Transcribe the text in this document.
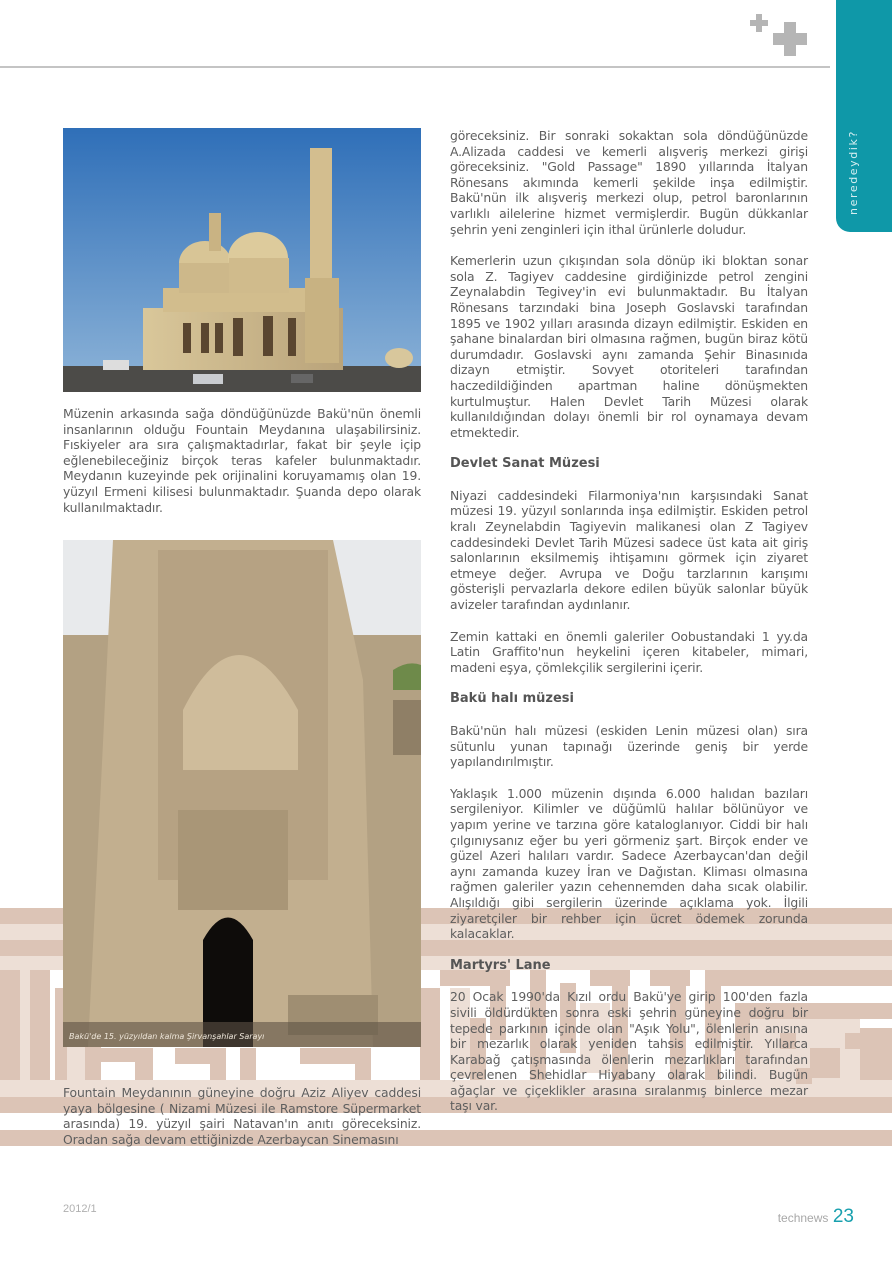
neredeydik?

Müzenin arkasında sağa döndüğünüzde Bakü'nün önemli insanlarının olduğu Fountain Meydanına ulaşabilirsiniz. Fıskiyeler ara sıra çalışmaktadırlar, fakat bir şeyle içip eğlenebileceğiniz birçok teras kafeler bulunmaktadır. Meydanın kuzeyinde pek orijinalini koruyamamış olan 19. yüzyıl Ermeni kilisesi bulunmaktadır. Şuanda depo olarak kullanılmaktadır.

Bakü'de 15. yüzyıldan kalma Şirvanşahlar Sarayı

Fountain Meydanının güneyine doğru Aziz Aliyev caddesi yaya bölgesine ( Nizami Müzesi ile Ramstore Süpermarket arasında) 19. yüzyıl şairi Natavan'ın anıtı göreceksiniz. Oradan sağa devam ettiğinizde Azerbaycan Sinemasını

göreceksiniz. Bir sonraki sokaktan sola döndüğünüzde A.Alizada caddesi ve kemerli alışveriş merkezi girişi göreceksiniz. "Gold Passage" 1890 yıllarında İtalyan Rönesans akımında kemerli şekilde inşa edilmiştir. Bakü'nün ilk alışveriş merkezi olup, petrol baronlarının varlıklı ailelerine hizmet vermişlerdir. Bugün dükkanlar şehrin yeni zenginleri için ithal ürünlerle doludur.

Kemerlerin uzun çıkışından sola dönüp iki bloktan sonar sola Z. Tagiyev caddesine girdiğinizde petrol zengini Zeynalabdin Tegivey'in evi bulunmaktadır. Bu İtalyan Rönesans tarzındaki bina Joseph Goslavski tarafından 1895 ve 1902 yılları arasında dizayn edilmiştir. Eskiden en şahane binalardan biri olmasına rağmen, bugün biraz kötü durumdadır. Goslavski aynı zamanda Şehir Binasınıda dizayn etmiştir. Sovyet otoriteleri tarafından haczedildiğinden apartman haline dönüşmekten kurtulmuştur. Halen Devlet Tarih Müzesi olarak kullanıldığından dolayı önemli bir rol oynamaya devam etmektedir.

Devlet Sanat Müzesi

Niyazi caddesindeki Filarmoniya'nın karşısındaki Sanat müzesi 19. yüzyıl sonlarında inşa edilmiştir. Eskiden petrol kralı Zeynelabdin Tagiyevin malikanesi olan Z Tagiyev caddesindeki Devlet Tarih Müzesi sadece üst kata ait giriş salonlarının eksilmemiş ihtişamını görmek için ziyaret etmeye değer. Avrupa ve Doğu tarzlarının karışımı gösterişli pervazlarla dekore edilen büyük salonlar büyük avizeler tarafından aydınlanır.

Zemin kattaki en önemli galeriler Oobustandaki 1 yy.da Latin Graffito'nun heykelini içeren kitabeler, mimari, madeni eşya, çömlekçilik sergilerini içerir.

Bakü halı müzesi

Bakü'nün halı müzesi (eskiden Lenin müzesi olan) sıra sütunlu yunan tapınağı üzerinde geniş bir yerde yapılandırılmıştır.

Yaklaşık 1.000 müzenin dışında 6.000 halıdan bazıları sergileniyor. Kilimler ve düğümlü halılar bölünüyor ve yapım yerine ve tarzına göre kataloglanıyor. Ciddi bir halı çılgınıysanız eğer bu yeri görmeniz şart. Birçok ender ve güzel Azeri halıları vardır. Sadece Azerbaycan'dan değil aynı zamanda kuzey İran ve Dağıstan. Kliması olmasına rağmen galeriler yazın cehennemden daha sıcak olabilir. Alışıldığı gibi sergilerin üzerinde açıklama yok. İlgili ziyaretçiler bir rehber için ücret ödemek zorunda kalacaklar.

Martyrs' Lane

20 Ocak 1990'da Kızıl ordu Bakü'ye girip 100'den fazla sivili öldürdükten sonra eski şehrin güneyine doğru bir tepede parkının içinde olan "Aşık Yolu", ölenlerin anısına bir mezarlık olarak yeniden tahsis edilmiştir. Yıllarca Karabağ çatışmasında ölenlerin mezarlıkları tarafından çevrelenen Shehidlar Hiyabany olarak bilindi. Bugün ağaçlar ve çiçeklikler arasına sıralanmış binlerce mezar taşı var.

2012/1
technews 23
